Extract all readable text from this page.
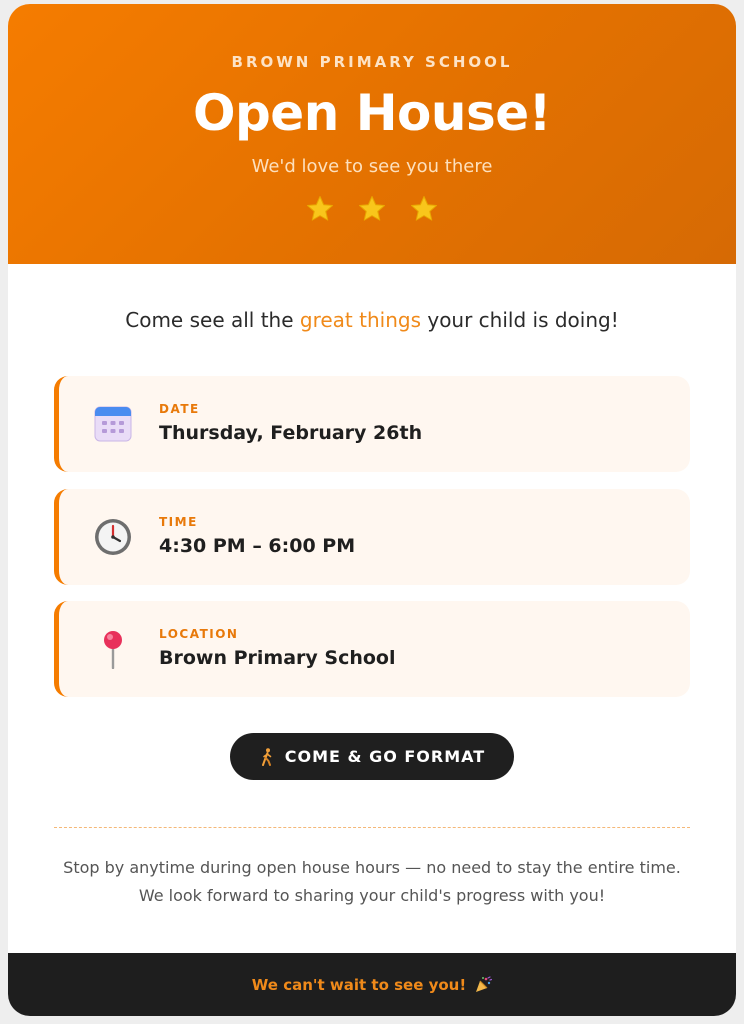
BROWN PRIMARY SCHOOL
Open House!
We'd love to see you there
Come see all the great things your child is doing!
DATE
Thursday, February 26th
TIME
4:30 PM – 6:00 PM
LOCATION
Brown Primary School
COME & GO FORMAT
Stop by anytime during open house hours — no need to stay the entire time.
We look forward to sharing your child's progress with you!
We can't wait to see you!
